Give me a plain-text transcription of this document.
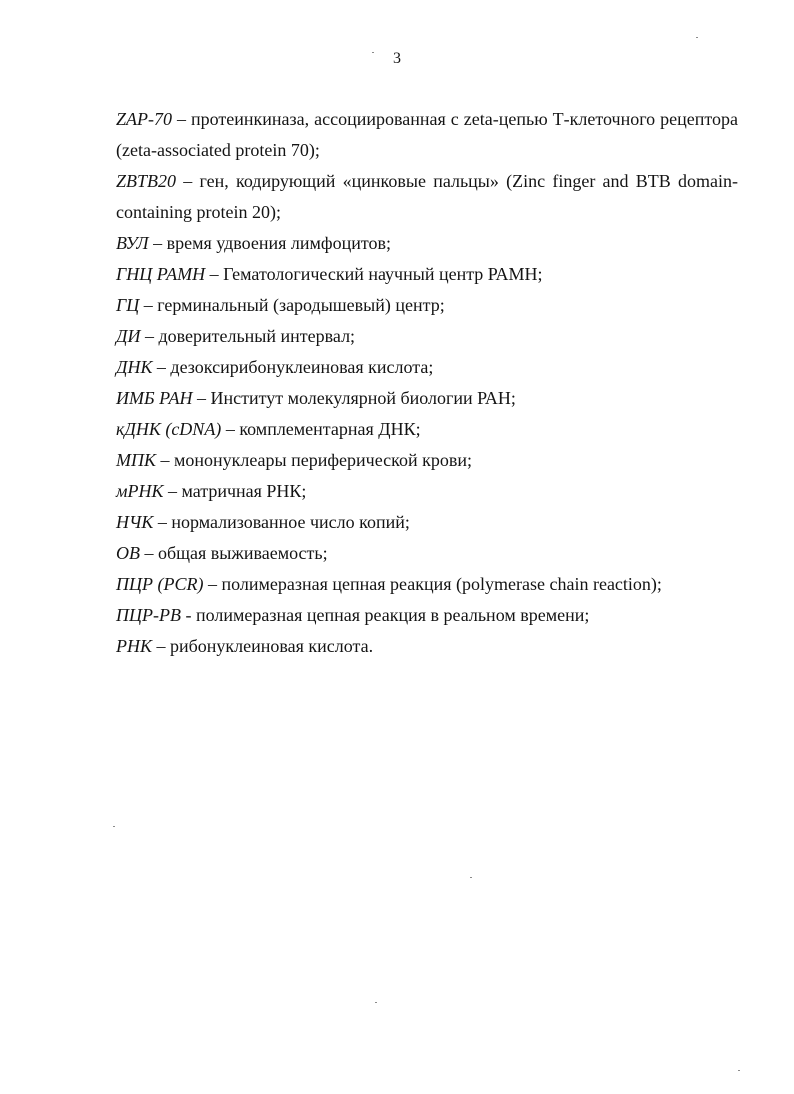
3

ZAP-70 – протеинкиназа, ассоциированная с zeta-цепью Т-клеточного рецептора (zeta-associated protein 70);

ZBTB20 – ген, кодирующий «цинковые пальцы» (Zinc finger and BTB domain-containing protein 20);

ВУЛ – время удвоения лимфоцитов;

ГНЦ РАМН – Гематологический научный центр РАМН;

ГЦ – герминальный (зародышевый) центр;

ДИ – доверительный интервал;

ДНК – дезоксирибонуклеиновая кислота;

ИМБ РАН – Институт молекулярной биологии РАН;

кДНК (cDNA) – комплементарная ДНК;

МПК – мононуклеары периферической крови;

мРНК – матричная РНК;

НЧК – нормализованное число копий;

ОВ – общая выживаемость;

ПЦР (PCR) – полимеразная цепная реакция (polymerase chain reaction);

ПЦР-РВ - полимеразная цепная реакция в реальном времени;

РНК – рибонуклеиновая кислота.
